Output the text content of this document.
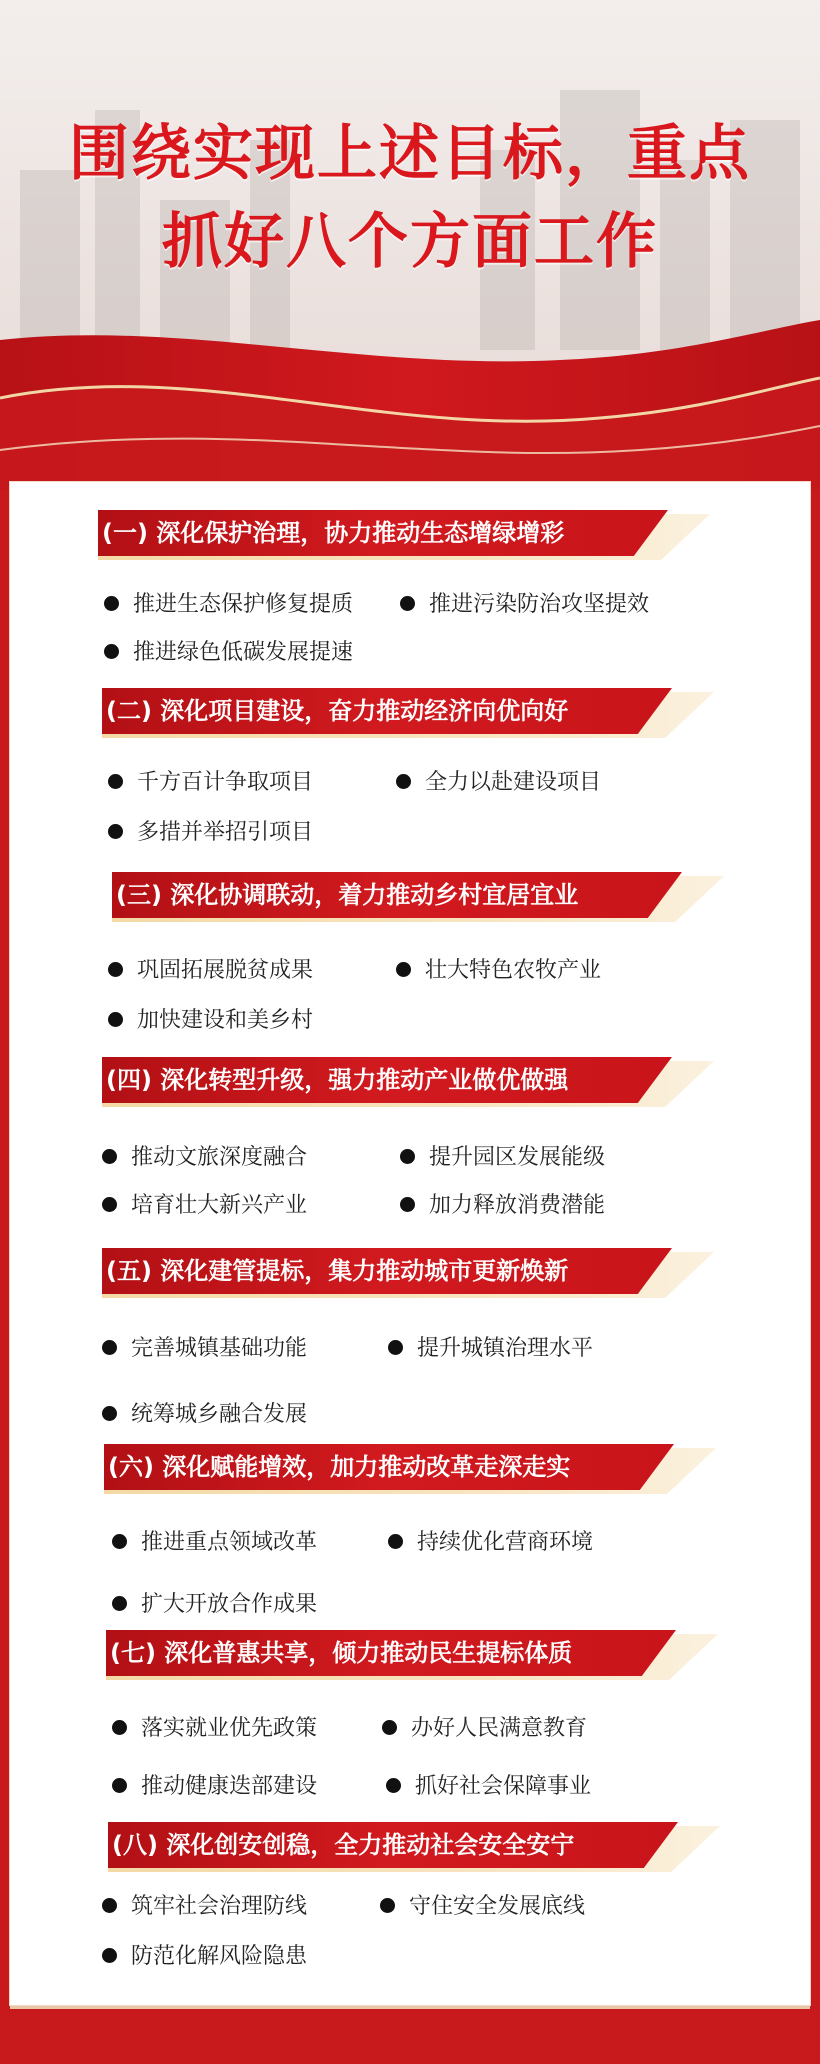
围绕实现上述目标，重点
抓好八个方面工作
(一) 深化保护治理，协力推动生态增绿增彩
推进生态保护修复提质	推进污染防治攻坚提效
推进绿色低碳发展提速
(二) 深化项目建设，奋力推动经济向优向好
千方百计争取项目	全力以赴建设项目
多措并举招引项目
(三) 深化协调联动，着力推动乡村宜居宜业
巩固拓展脱贫成果	壮大特色农牧产业
加快建设和美乡村
(四) 深化转型升级，强力推动产业做优做强
推动文旅深度融合	提升园区发展能级
培育壮大新兴产业	加力释放消费潜能
(五) 深化建管提标，集力推动城市更新焕新
完善城镇基础功能	提升城镇治理水平
统筹城乡融合发展
(六) 深化赋能增效，加力推动改革走深走实
推进重点领域改革	持续优化营商环境
扩大开放合作成果
(七) 深化普惠共享，倾力推动民生提标体质
落实就业优先政策	办好人民满意教育
推动健康迭部建设	抓好社会保障事业
(八) 深化创安创稳，全力推动社会安全安宁
筑牢社会治理防线	守住安全发展底线
防范化解风险隐患
